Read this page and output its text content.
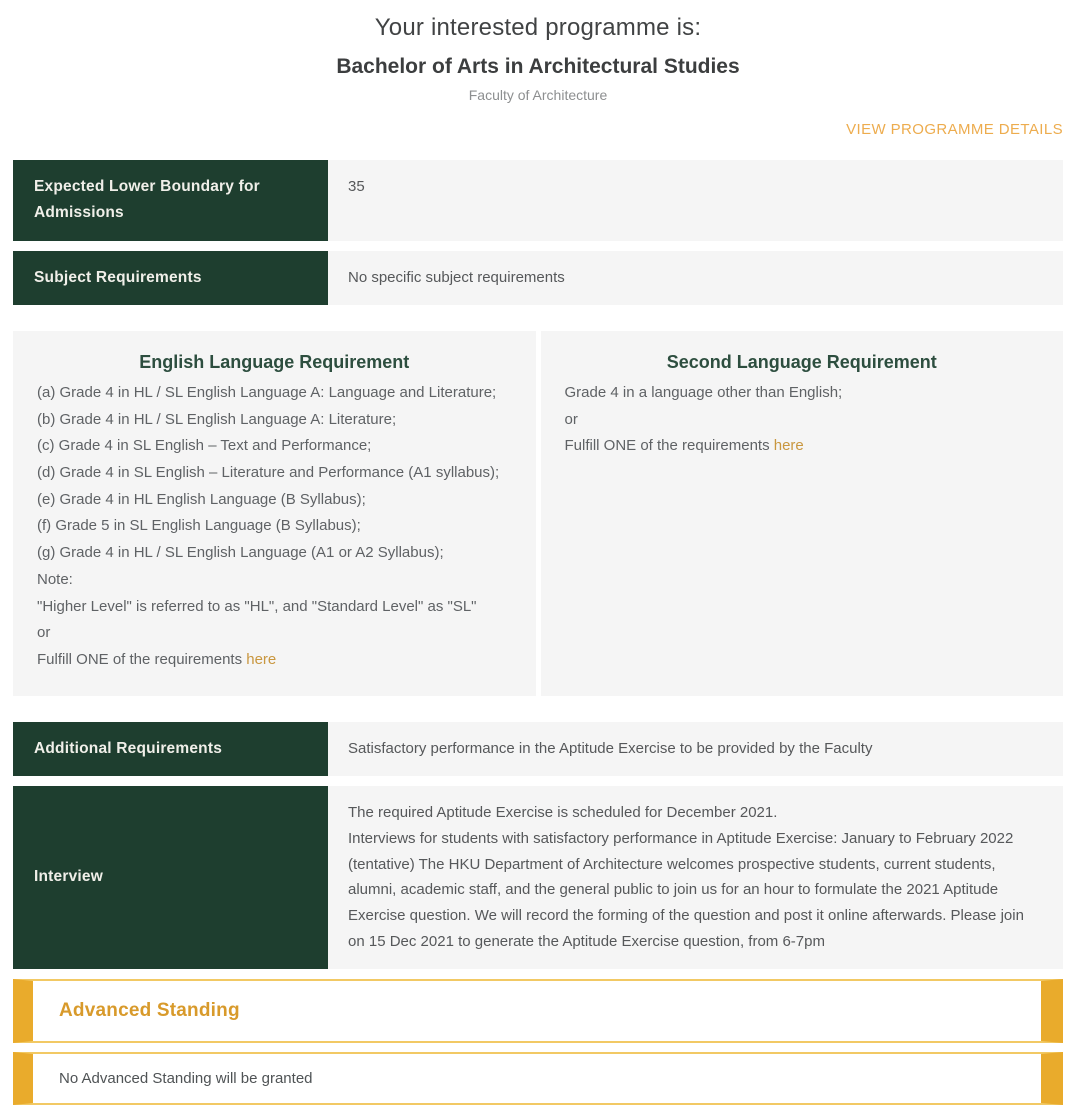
Your interested programme is:
Bachelor of Arts in Architectural Studies
Faculty of Architecture
VIEW PROGRAMME DETAILS
Expected Lower Boundary for Admissions
35
Subject Requirements	No specific subject requirements
English Language Requirement
(a) Grade 4 in HL / SL English Language A: Language and Literature;
(b) Grade 4 in HL / SL English Language A: Literature;
(c) Grade 4 in SL English – Text and Performance;
(d) Grade 4 in SL English – Literature and Performance (A1 syllabus);
(e) Grade 4 in HL English Language (B Syllabus);
(f) Grade 5 in SL English Language (B Syllabus);
(g) Grade 4 in HL / SL English Language (A1 or A2 Syllabus);
Note:
"Higher Level" is referred to as "HL", and "Standard Level" as "SL"
or
Fulfill ONE of the requirements here
Second Language Requirement
Grade 4 in a language other than English;
or
Fulfill ONE of the requirements here
Additional Requirements	Satisfactory performance in the Aptitude Exercise to be provided by the Faculty
Interview
The required Aptitude Exercise is scheduled for December 2021.
Interviews for students with satisfactory performance in Aptitude Exercise: January to February 2022 (tentative) The HKU Department of Architecture welcomes prospective students, current students, alumni, academic staff, and the general public to join us for an hour to formulate the 2021 Aptitude Exercise question. We will record the forming of the question and post it online afterwards. Please join on 15 Dec 2021 to generate the Aptitude Exercise question, from 6-7pm
Advanced Standing
No Advanced Standing will be granted
